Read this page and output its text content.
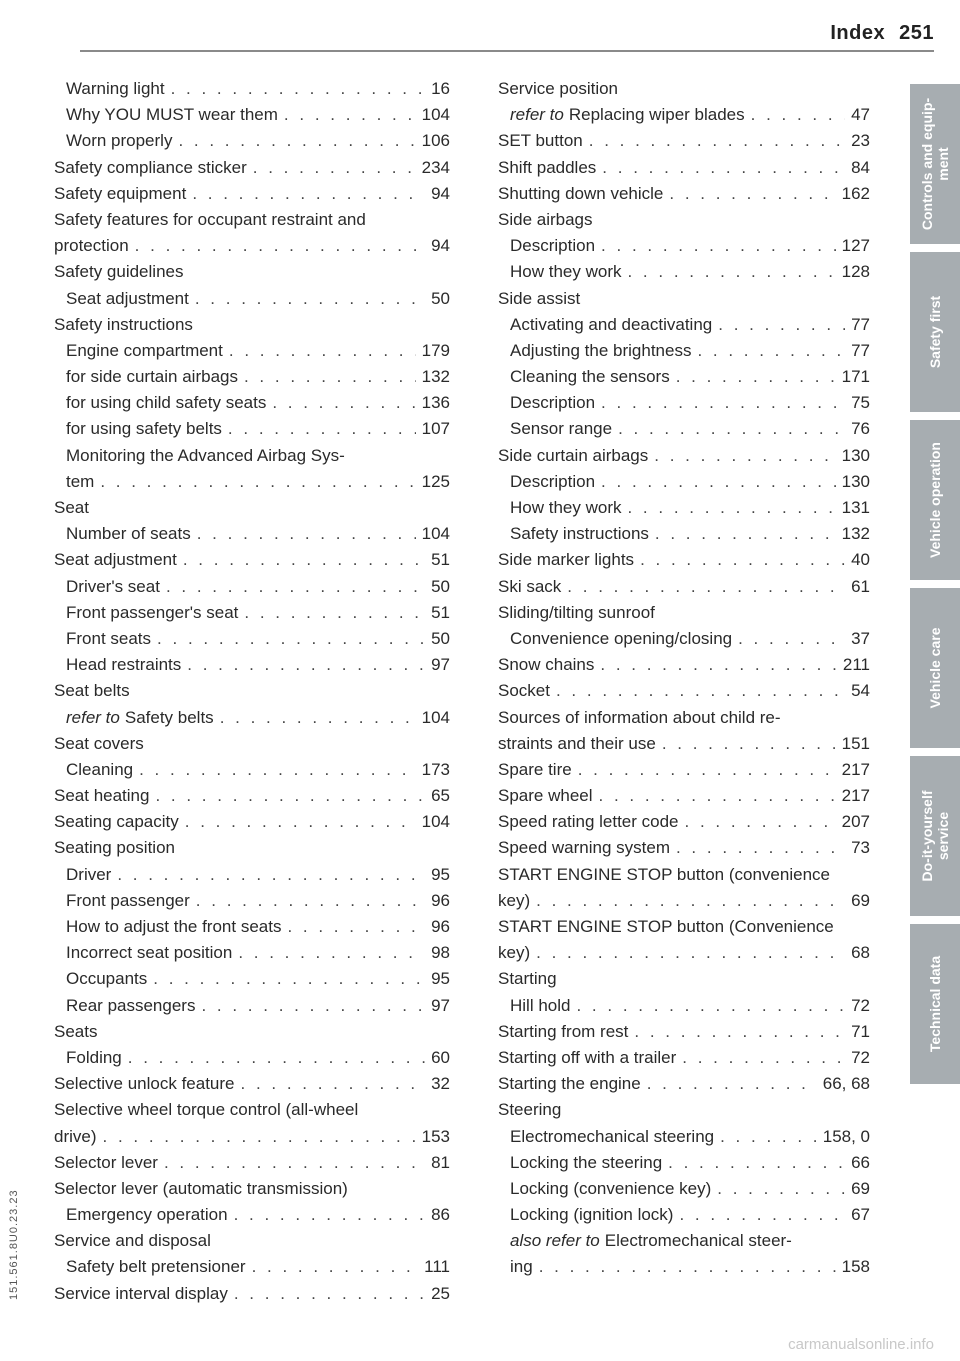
Index 251
Warning light . . .	16
Why YOU MUST wear them . . .	104
Worn properly . . .	106
Safety compliance sticker . . .	234
Safety equipment . . .	94
Safety features for occupant restraint and
protection . . .	94
Safety guidelines
Seat adjustment . . .	50
Safety instructions
Engine compartment . . .	179
for side curtain airbags . . .	132
for using child safety seats . . .	136
for using safety belts . . .	107
Monitoring the Advanced Airbag Sys-
tem . . .	125
Seat
Number of seats . . .	104
Seat adjustment . . .	51
Driver's seat . . .	50
Front passenger's seat . . .	51
Front seats . . .	50
Head restraints . . .	97
Seat belts
refer to Safety belts . . .	104
Seat covers
Cleaning . . .	173
Seat heating . . .	65
Seating capacity . . .	104
Seating position
Driver . . .	95
Front passenger . . .	96
How to adjust the front seats . . .	96
Incorrect seat position . . .	98
Occupants . . .	95
Rear passengers . . .	97
Seats
Folding . . .	60
Selective unlock feature . . .	32
Selective wheel torque control (all-wheel
drive) . . .	153
Selector lever . . .	81
Selector lever (automatic transmission)
Emergency operation . . .	86
Service and disposal
Safety belt pretensioner . . .	111
Service interval display . . .	25
Service position
refer to Replacing wiper blades . . .	47
SET button . . .	23
Shift paddles . . .	84
Shutting down vehicle . . .	162
Side airbags
Description . . .	127
How they work . . .	128
Side assist
Activating and deactivating . . .	77
Adjusting the brightness . . .	77
Cleaning the sensors . . .	171
Description . . .	75
Sensor range . . .	76
Side curtain airbags . . .	130
Description . . .	130
How they work . . .	131
Safety instructions . . .	132
Side marker lights . . .	40
Ski sack . . .	61
Sliding/tilting sunroof
Convenience opening/closing . . .	37
Snow chains . . .	211
Socket . . .	54
Sources of information about child re-
straints and their use . . .	151
Spare tire . . .	217
Spare wheel . . .	217
Speed rating letter code . . .	207
Speed warning system . . .	73
START ENGINE STOP button (convenience
key) . . .	69
START ENGINE STOP button (Convenience
key) . . .	68
Starting
Hill hold . . .	72
Starting from rest . . .	71
Starting off with a trailer . . .	72
Starting the engine . . .	66, 68
Steering
Electromechanical steering . . .	158, 0
Locking the steering . . .	66
Locking (convenience key) . . .	69
Locking (ignition lock) . . .	67
also refer to Electromechanical steer-
ing . . .	158
Controls and equip-
ment
Safety first
Vehicle operation
Vehicle care
Do-it-yourself
service
Technical data
151.561.8U0.23.23
carmanualsonline.info
